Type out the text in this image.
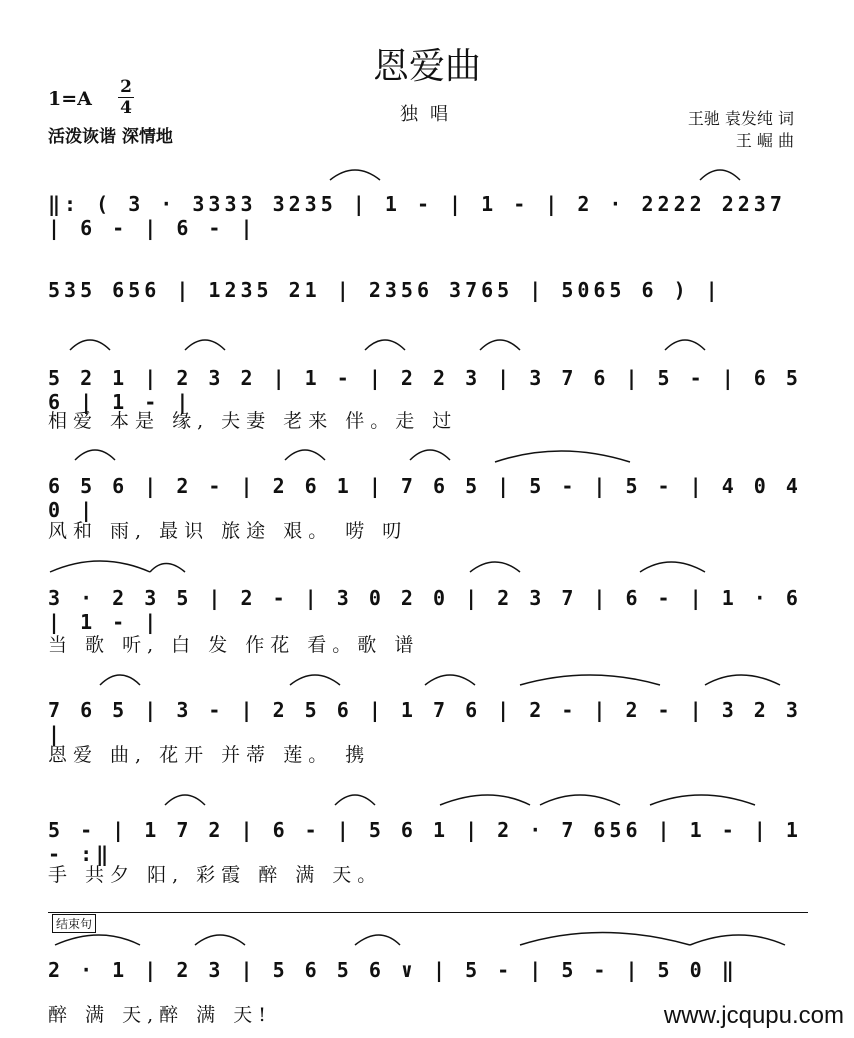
恩爱曲
1=A
2
4
活泼诙谐 深情地
独唱	王驰 袁发纯 词
王 崛 曲
‖: ( 3 · 3333 3235 | 1 - | 1 - | 2 · 2222 2237 | 6 - | 6 - |
535 656 | 1235 21 | 2356 3765 | 5065 6 ) |
5 2 1 | 2 3 2 | 1 - | 2 2 3 | 3 7 6 | 5 - | 6 5 6 | 1 - |
相爱 本是 缘, 夫妻 老来 伴。走 过
6 5 6 | 2 - | 2 6 1 | 7 6 5 | 5 - | 5 - | 4 0 4 0 |
风和 雨, 最识 旅途 艰。 唠 叨
3 · 2 3 5 | 2 - | 3 0 2 0 | 2 3 7 | 6 - | 1 · 6 | 1 - |
当 歌 听, 白 发 作花 看。歌 谱
7 6 5 | 3 - | 2 5 6 | 1 7 6 | 2 - | 2 - | 3 2 3 |
恩爱 曲, 花开 并蒂 莲。 携
5 - | 1 7 2 | 6 - | 5 6 1 | 2 · 7 656 | 1 - | 1 - :‖
手 共夕 阳, 彩霞 醉 满 天。
结束句
2 · 1 | 2 3 | 5 6 5 6 ∨ | 5 - | 5 - | 5 0 ‖
醉 满 天,醉 满 天!	www.jcqupu.com
